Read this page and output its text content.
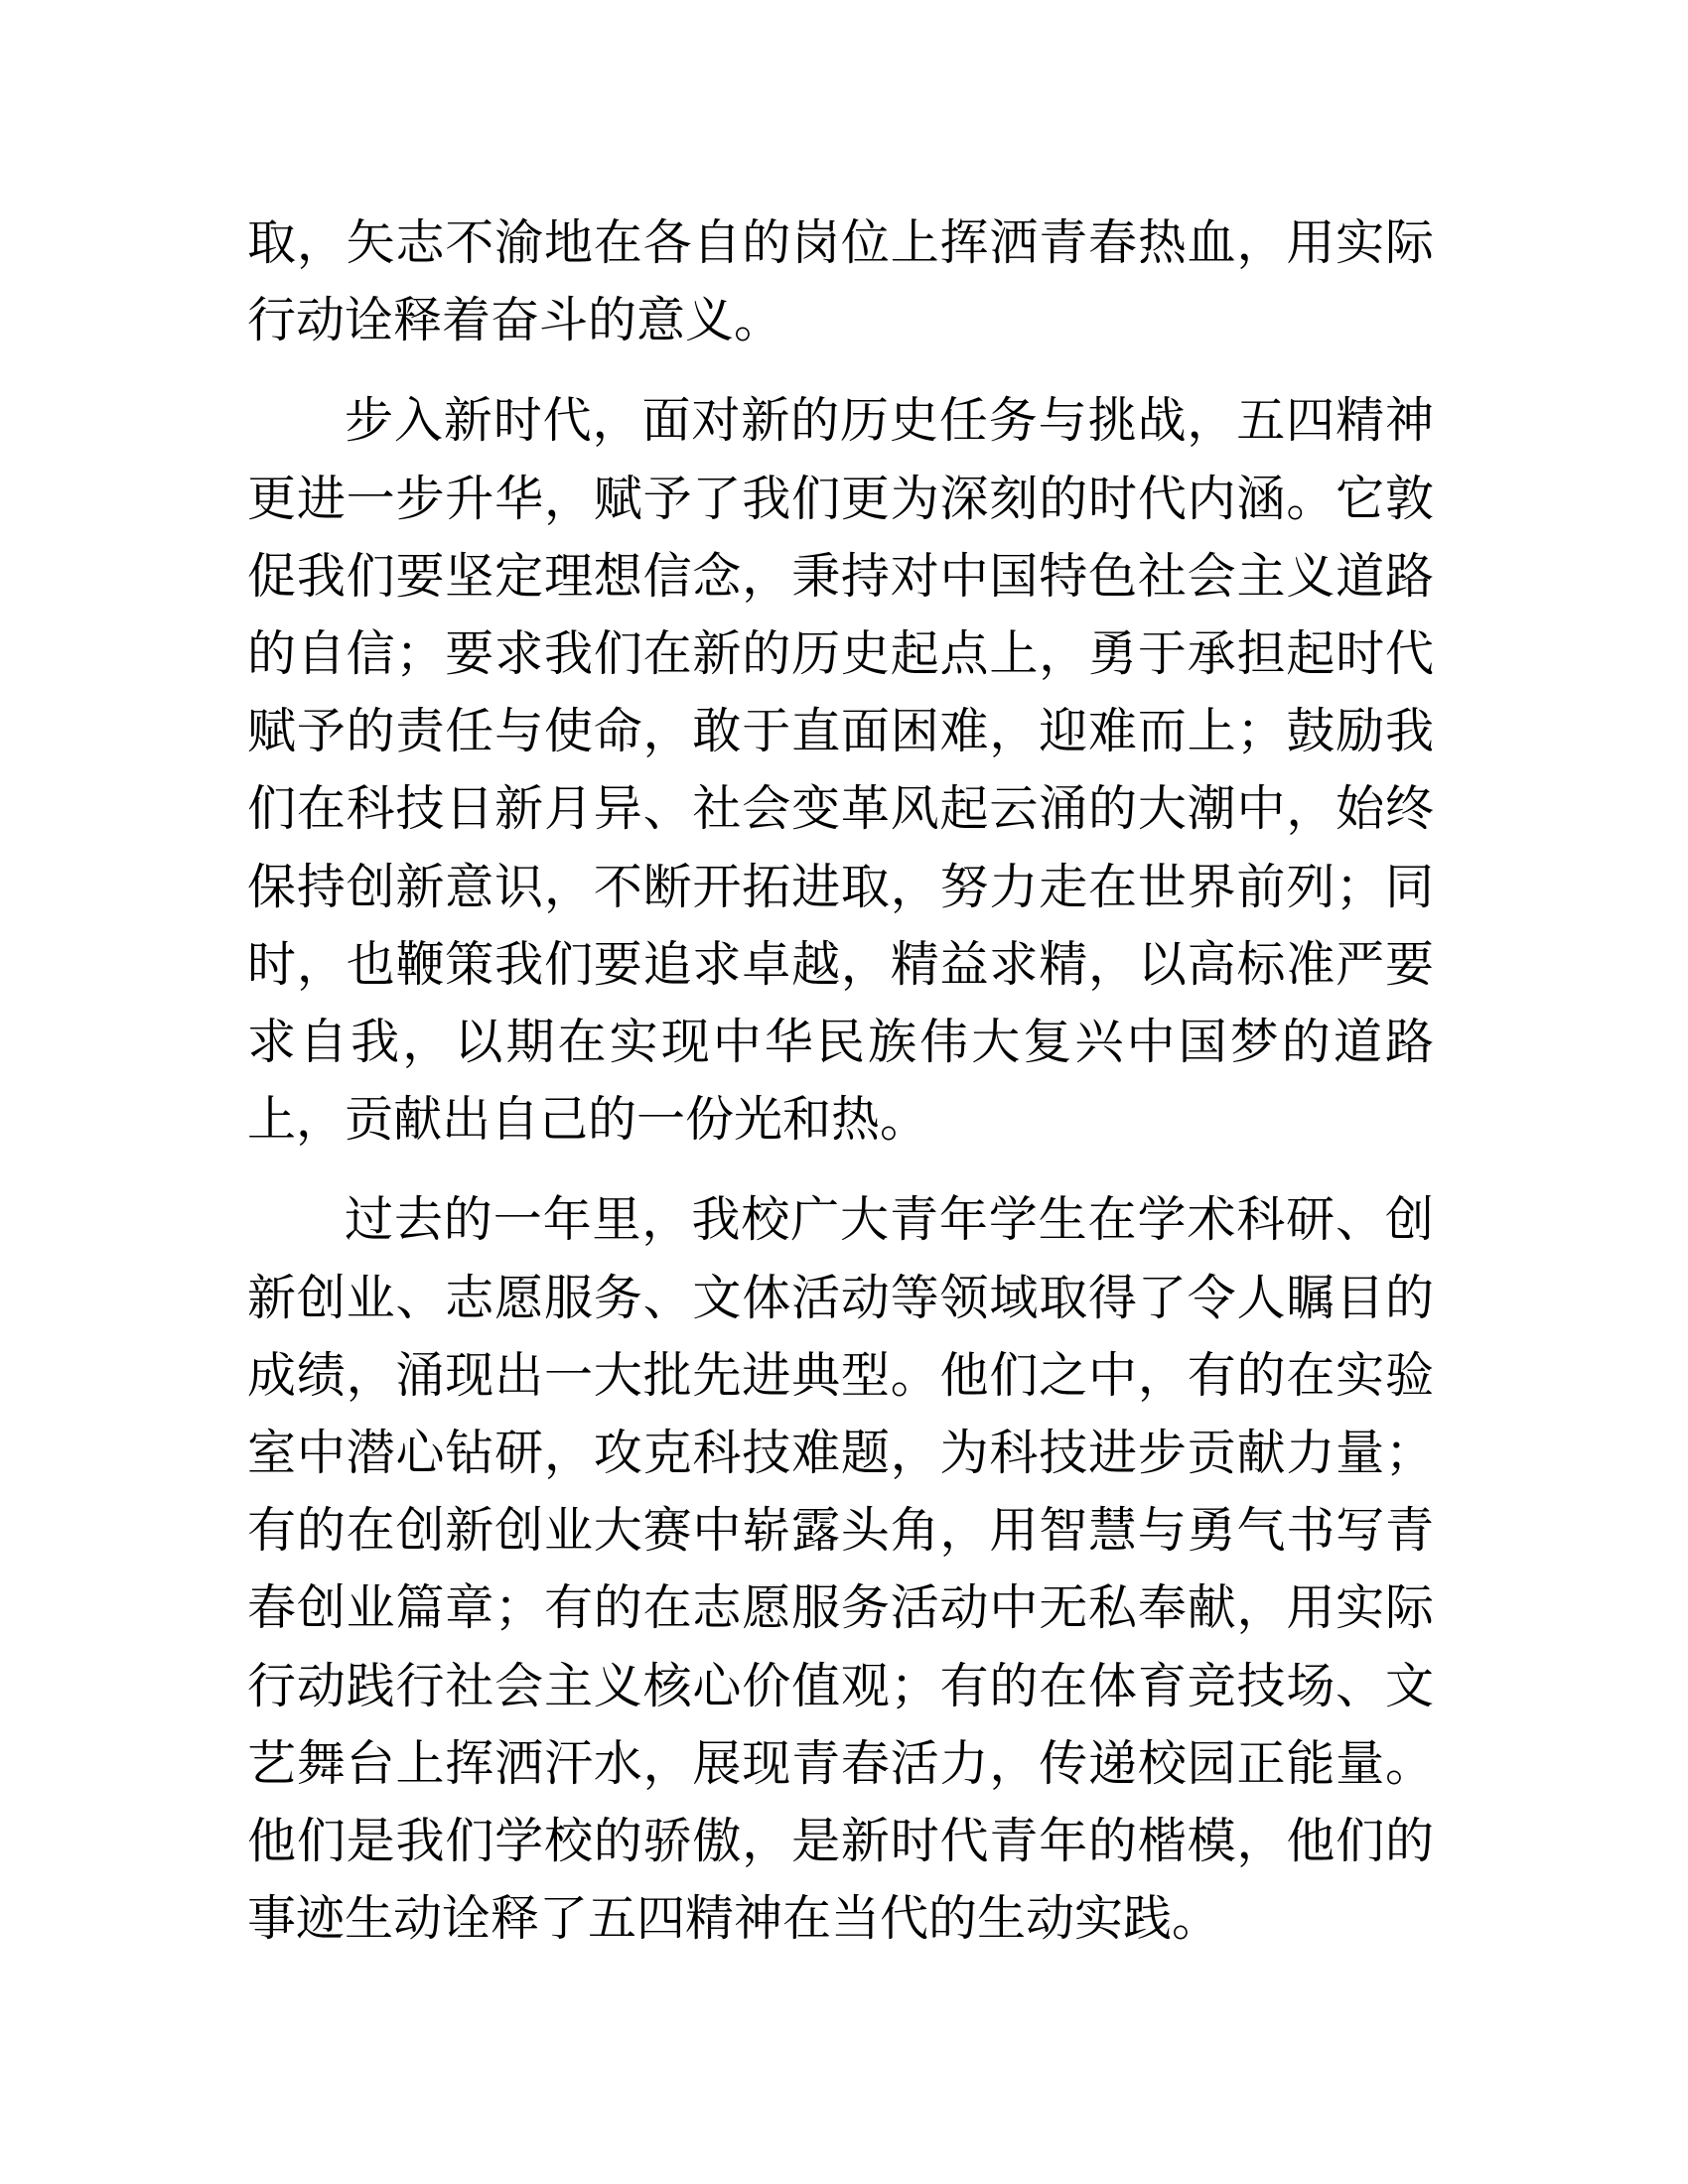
取，矢志不渝地在各自的岗位上挥洒青春热血，用实际行动诠释着奋斗的意义。

步入新时代，面对新的历史任务与挑战，五四精神更进一步升华，赋予了我们更为深刻的时代内涵。它敦促我们要坚定理想信念，秉持对中国特色社会主义道路的自信；要求我们在新的历史起点上，勇于承担起时代赋予的责任与使命，敢于直面困难，迎难而上；鼓励我们在科技日新月异、社会变革风起云涌的大潮中，始终保持创新意识，不断开拓进取，努力走在世界前列；同时，也鞭策我们要追求卓越，精益求精，以高标准严要求自我，以期在实现中华民族伟大复兴中国梦的道路上，贡献出自己的一份光和热。

过去的一年里，我校广大青年学生在学术科研、创新创业、志愿服务、文体活动等领域取得了令人瞩目的成绩，涌现出一大批先进典型。他们之中，有的在实验室中潜心钻研，攻克科技难题，为科技进步贡献力量；有的在创新创业大赛中崭露头角，用智慧与勇气书写青春创业篇章；有的在志愿服务活动中无私奉献，用实际行动践行社会主义核心价值观；有的在体育竞技场、文艺舞台上挥洒汗水，展现青春活力，传递校园正能量。他们是我们学校的骄傲，是新时代青年的楷模，他们的事迹生动诠释了五四精神在当代的生动实践。
